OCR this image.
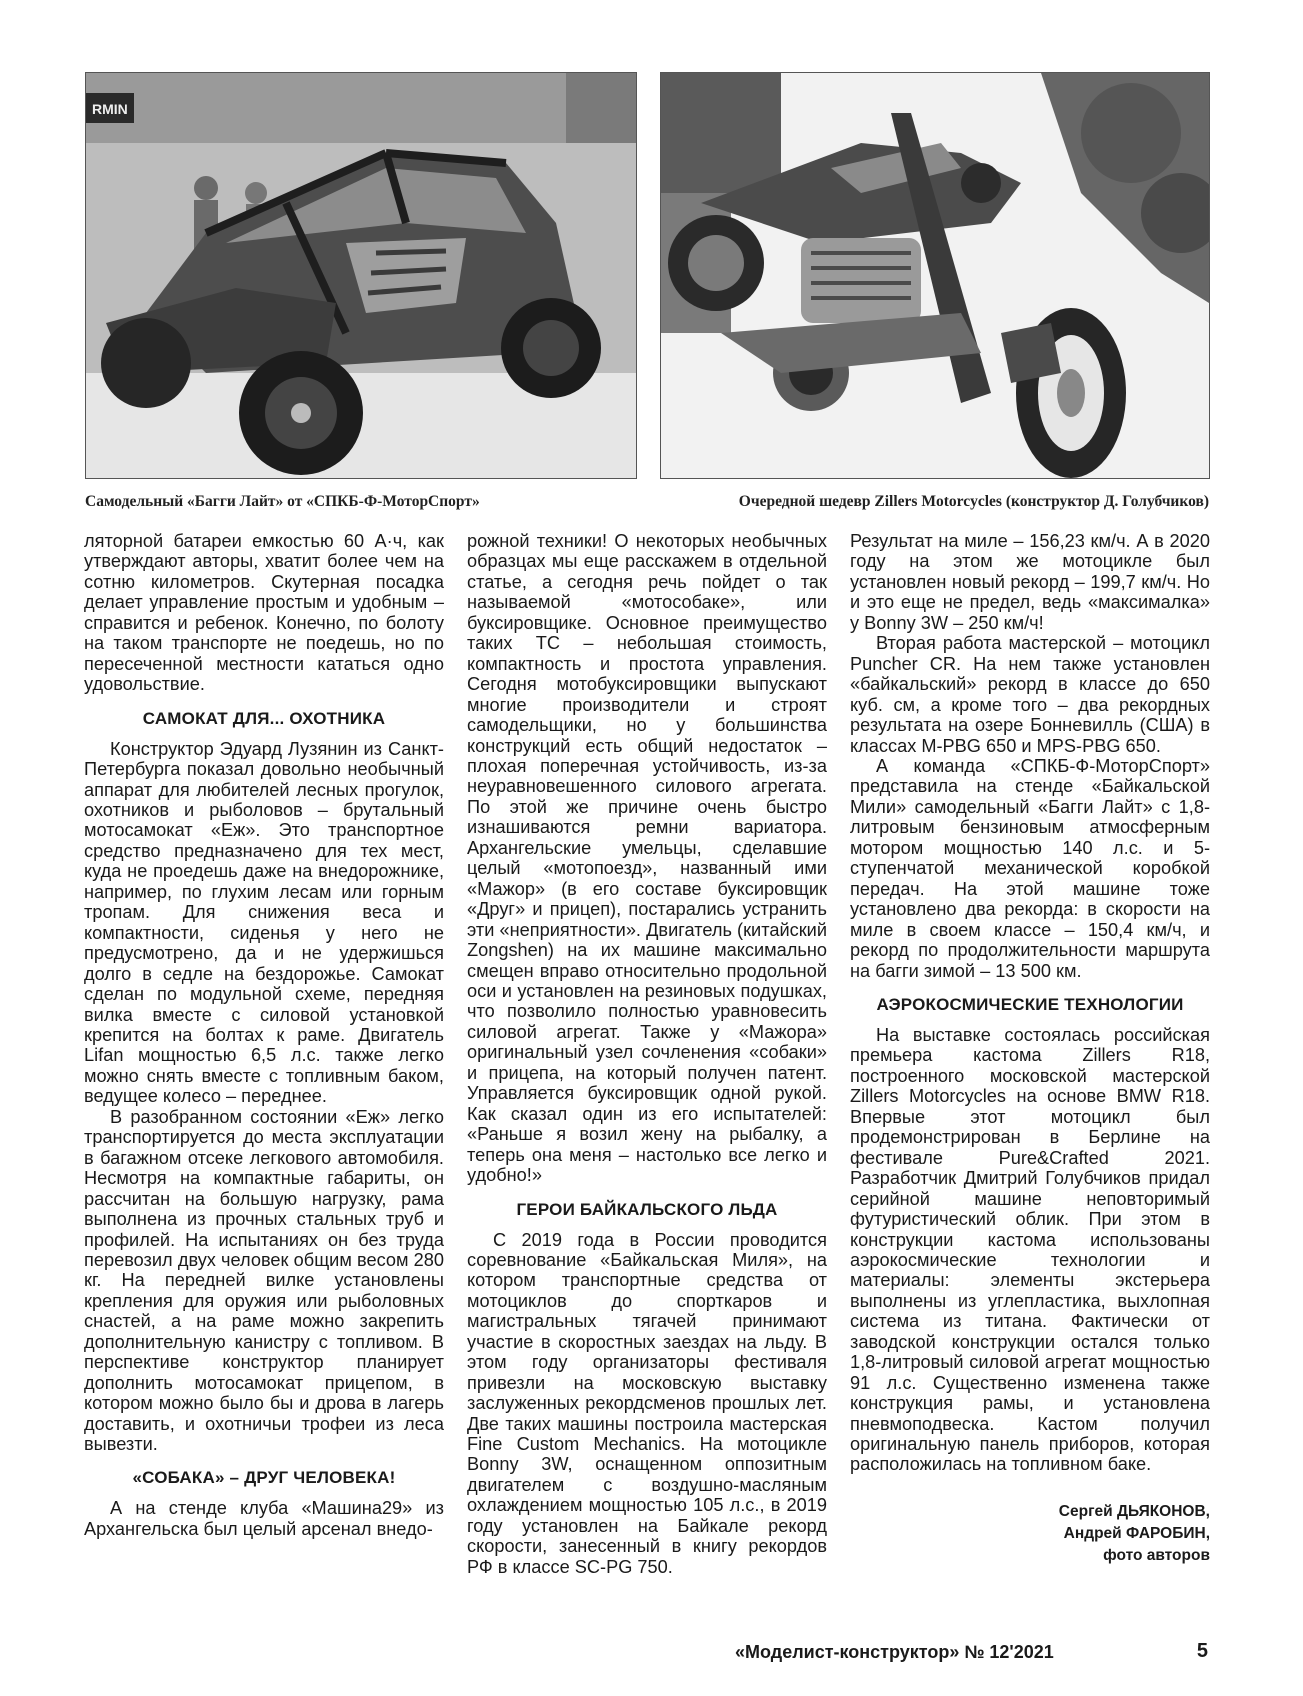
RMIN
Самодельный «Багги Лайт» от «СПКБ-Ф-МоторСпорт»	Очередной шедевр Zillers Motorcycles (конструктор Д. Голубчиков)

ляторной батареи емкостью 60 А·ч, как утверждают авторы, хватит более чем на сотню километров. Скутерная посадка делает управление простым и удобным – справится и ребенок. Конечно, по болоту на таком транспорте не поедешь, но по пересеченной местности кататься одно удовольствие.

САМОКАТ ДЛЯ... ОХОТНИКА

Конструктор Эдуард Лузянин из Санкт-Петербурга показал довольно необычный аппарат для любителей лесных прогулок, охотников и рыболовов – брутальный мотосамокат «Еж». Это транспортное средство предназначено для тех мест, куда не проедешь даже на внедорожнике, например, по глухим лесам или горным тропам. Для снижения веса и компактности, сиденья у него не предусмотрено, да и не удержишься долго в седле на бездорожье. Самокат сделан по модульной схеме, передняя вилка вместе с силовой установкой крепится на болтах к раме. Двигатель Lifan мощностью 6,5 л.с. также легко можно снять вместе с топливным баком, ведущее колесо – переднее.

В разобранном состоянии «Еж» легко транспортируется до места эксплуатации в багажном отсеке легкового автомобиля. Несмотря на компактные габариты, он рассчитан на большую нагрузку, рама выполнена из прочных стальных труб и профилей. На испытаниях он без труда перевозил двух человек общим весом 280 кг. На передней вилке установлены крепления для оружия или рыболовных снастей, а на раме можно закрепить дополнительную канистру с топливом. В перспективе конструктор планирует дополнить мотосамокат прицепом, в котором можно было бы и дрова в лагерь доставить, и охотничьи трофеи из леса вывезти.

«СОБАКА» – ДРУГ ЧЕЛОВЕКА!

А на стенде клуба «Машина29» из Архангельска был целый арсенал внедо-

рожной техники! О некоторых необычных образцах мы еще расскажем в отдельной статье, а сегодня речь пойдет о так называемой «мотособаке», или буксировщике. Основное преимущество таких ТС – небольшая стоимость, компактность и простота управления. Сегодня мотобуксировщики выпускают многие производители и строят самодельщики, но у большинства конструкций есть общий недостаток – плохая поперечная устойчивость, из-за неуравновешенного силового агрегата. По этой же причине очень быстро изнашиваются ремни вариатора. Архангельские умельцы, сделавшие целый «мотопоезд», названный ими «Мажор» (в его составе буксировщик «Друг» и прицеп), постарались устранить эти «неприятности». Двигатель (китайский Zongshen) на их машине максимально смещен вправо относительно продольной оси и установлен на резиновых подушках, что позволило полностью уравновесить силовой агрегат. Также у «Мажора» оригинальный узел сочленения «собаки» и прицепа, на который получен патент. Управляется буксировщик одной рукой. Как сказал один из его испытателей: «Раньше я возил жену на рыбалку, а теперь она меня – настолько все легко и удобно!»

ГЕРОИ БАЙКАЛЬСКОГО ЛЬДА

С 2019 года в России проводится соревнование «Байкальская Миля», на котором транспортные средства от мотоциклов до спорткаров и магистральных тягачей принимают участие в скоростных заездах на льду. В этом году организаторы фестиваля привезли на московскую выставку заслуженных рекордсменов прошлых лет. Две таких машины построила мастерская Fine Custom Mechanics. На мотоцикле Bonny 3W, оснащенном оппозитным двигателем с воздушно-масляным охлаждением мощностью 105 л.с., в 2019 году установлен на Байкале рекорд скорости, занесенный в книгу рекордов РФ в классе SC-PG 750.

Результат на миле – 156,23 км/ч. А в 2020 году на этом же мотоцикле был установлен новый рекорд – 199,7 км/ч. Но и это еще не предел, ведь «максималка» у Bonny 3W – 250 км/ч!

Вторая работа мастерской – мотоцикл Puncher CR. На нем также установлен «байкальский» рекорд в классе до 650 куб. см, а кроме того – два рекордных результата на озере Бонневилль (США) в классах M-PBG 650 и MPS-PBG 650.

А команда «СПКБ-Ф-МоторСпорт» представила на стенде «Байкальской Мили» самодельный «Багги Лайт» с 1,8-литровым бензиновым атмосферным мотором мощностью 140 л.с. и 5-ступенчатой механической коробкой передач. На этой машине тоже установлено два рекорда: в скорости на миле в своем классе – 150,4 км/ч, и рекорд по продолжительности маршрута на багги зимой – 13 500 км.

АЭРОКОСМИЧЕСКИЕ ТЕХНОЛОГИИ

На выставке состоялась российская премьера кастома Zillers R18, построенного московской мастерской Zillers Motorcycles на основе BMW R18. Впервые этот мотоцикл был продемонстрирован в Берлине на фестивале Pure&Crafted 2021. Разработчик Дмитрий Голубчиков придал серийной машине неповторимый футуристический облик. При этом в конструкции кастома использованы аэрокосмические технологии и материалы: элементы экстерьера выполнены из углепластика, выхлопная система из титана. Фактически от заводской конструкции остался только 1,8-литровый силовой агрегат мощностью 91 л.с. Существенно изменена также конструкция рамы, и установлена пневмоподвеска. Кастом получил оригинальную панель приборов, которая расположилась на топливном баке.

Сергей ДЬЯКОНОВ,
Андрей ФАРОБИН,
фото авторов
«Моделист-конструктор» № 12'2021	5
